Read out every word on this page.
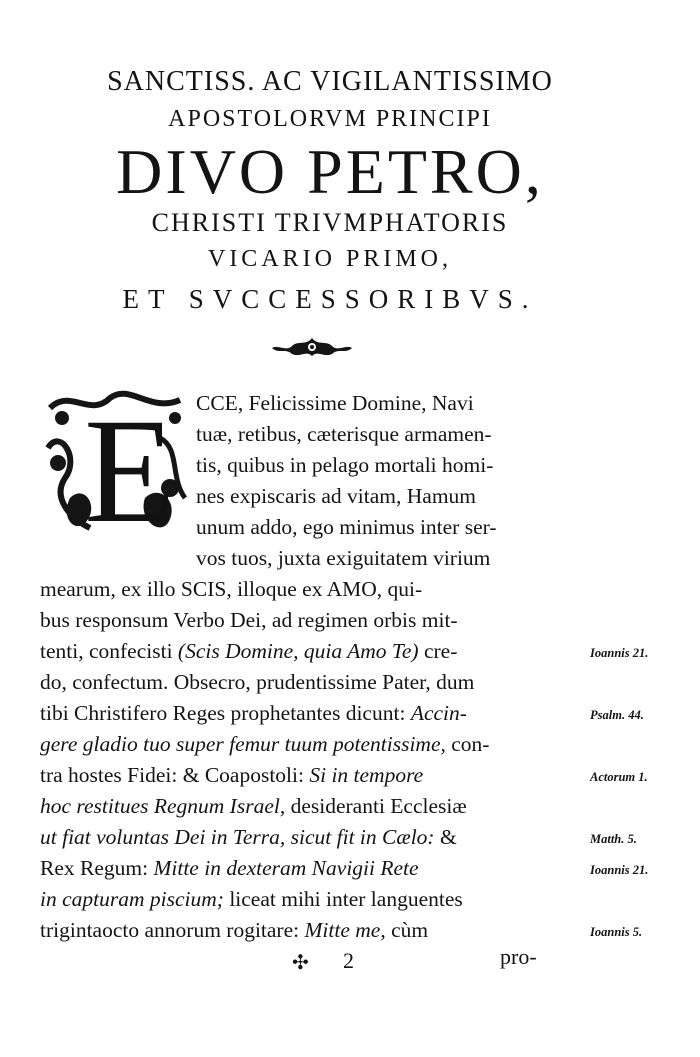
SANCTISS. AC VIGILANTISSIMO
APOSTOLORVM PRINCIPI
DIVO PETRO,
CHRISTI TRIVMPHATORIS
VICARIO PRIMO,
ET SVCCESSORIBVS.
E CCE, Felicissime Domine, Navi
tuæ, retibus, cæterisque armamen-
tis, quibus in pelago mortali homi-
nes expiscaris ad vitam, Hamum
unum addo, ego minimus inter ser-
vos tuos, juxta exiguitatem virium
mearum, ex illo SCIS, illoque ex AMO, qui-
bus responsum Verbo Dei, ad regimen orbis mit-
tenti, confecisti (Scis Domine, quia Amo Te) cre-
do, confectum. Obsecro, prudentissime Pater, dum
tibi Christifero Reges prophetantes dicunt: Accin-
gere gladio tuo super femur tuum potentissime, con-
tra hostes Fidei: & Coapostoli: Si in tempore
hoc restitues Regnum Israel, desideranti Ecclesiæ
ut fiat voluntas Dei in Terra, sicut fit in Cælo: &
Rex Regum: Mitte in dexteram Navigii Rete
in capturam piscium; liceat mihi inter languentes
trigintaocto annorum rogitare: Mitte me, cùm
Ioannis 21.
Psalm. 44.
Actorum 1.
Matth. 5.
Ioannis 21.
Ioannis 5.
✣ 2	pro-
